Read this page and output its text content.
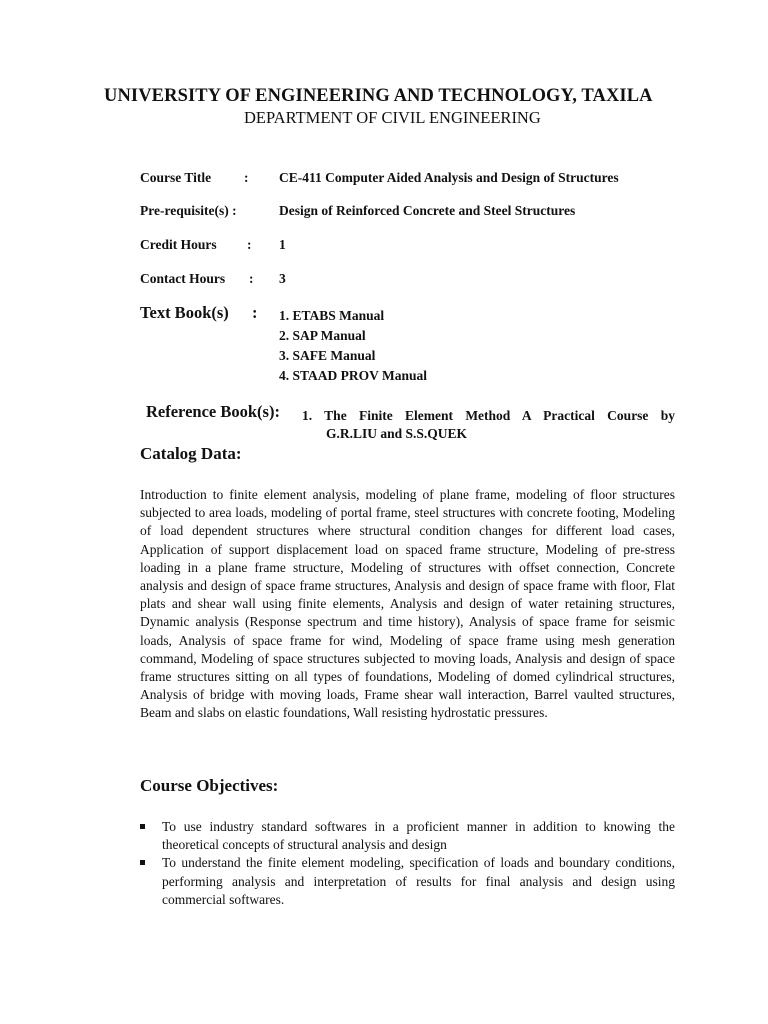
UNIVERSITY OF ENGINEERING AND TECHNOLOGY, TAXILA
DEPARTMENT OF CIVIL ENGINEERING
Course Title : CE-411 Computer Aided Analysis and Design of Structures
Pre-requisite(s) :	Design of Reinforced Concrete and Steel Structures
Credit Hours : 1
Contact Hours : 3
Text Book(s) : 1. ETABS Manual
2. SAP Manual
3. SAFE Manual
4. STAAD PROV Manual
Reference Book(s): 1. The Finite Element Method A Practical Course by
G.R.LIU and S.S.QUEK
Catalog Data:

Introduction to finite element analysis, modeling of plane frame, modeling of floor structures subjected to area loads, modeling of portal frame, steel structures with concrete footing, Modeling of load dependent structures where structural condition changes for different load cases, Application of support displacement load on spaced frame structure, Modeling of pre-stress loading in a plane frame structure, Modeling of structures with offset connection, Concrete analysis and design of space frame structures, Analysis and design of space frame with floor, Flat plats and shear wall using finite elements, Analysis and design of water retaining structures, Dynamic analysis (Response spectrum and time history), Analysis of space frame for seismic loads, Analysis of space frame for wind, Modeling of space frame using mesh generation command, Modeling of space structures subjected to moving loads, Analysis and design of space frame structures sitting on all types of foundations, Modeling of domed cylindrical structures, Analysis of bridge with moving loads, Frame shear wall interaction, Barrel vaulted structures, Beam and slabs on elastic foundations, Wall resisting hydrostatic pressures.

Course Objectives:
To use industry standard softwares in a proficient manner in addition to knowing the theoretical concepts of structural analysis and design
To understand the finite element modeling, specification of loads and boundary conditions, performing analysis and interpretation of results for final analysis and design using commercial softwares.
